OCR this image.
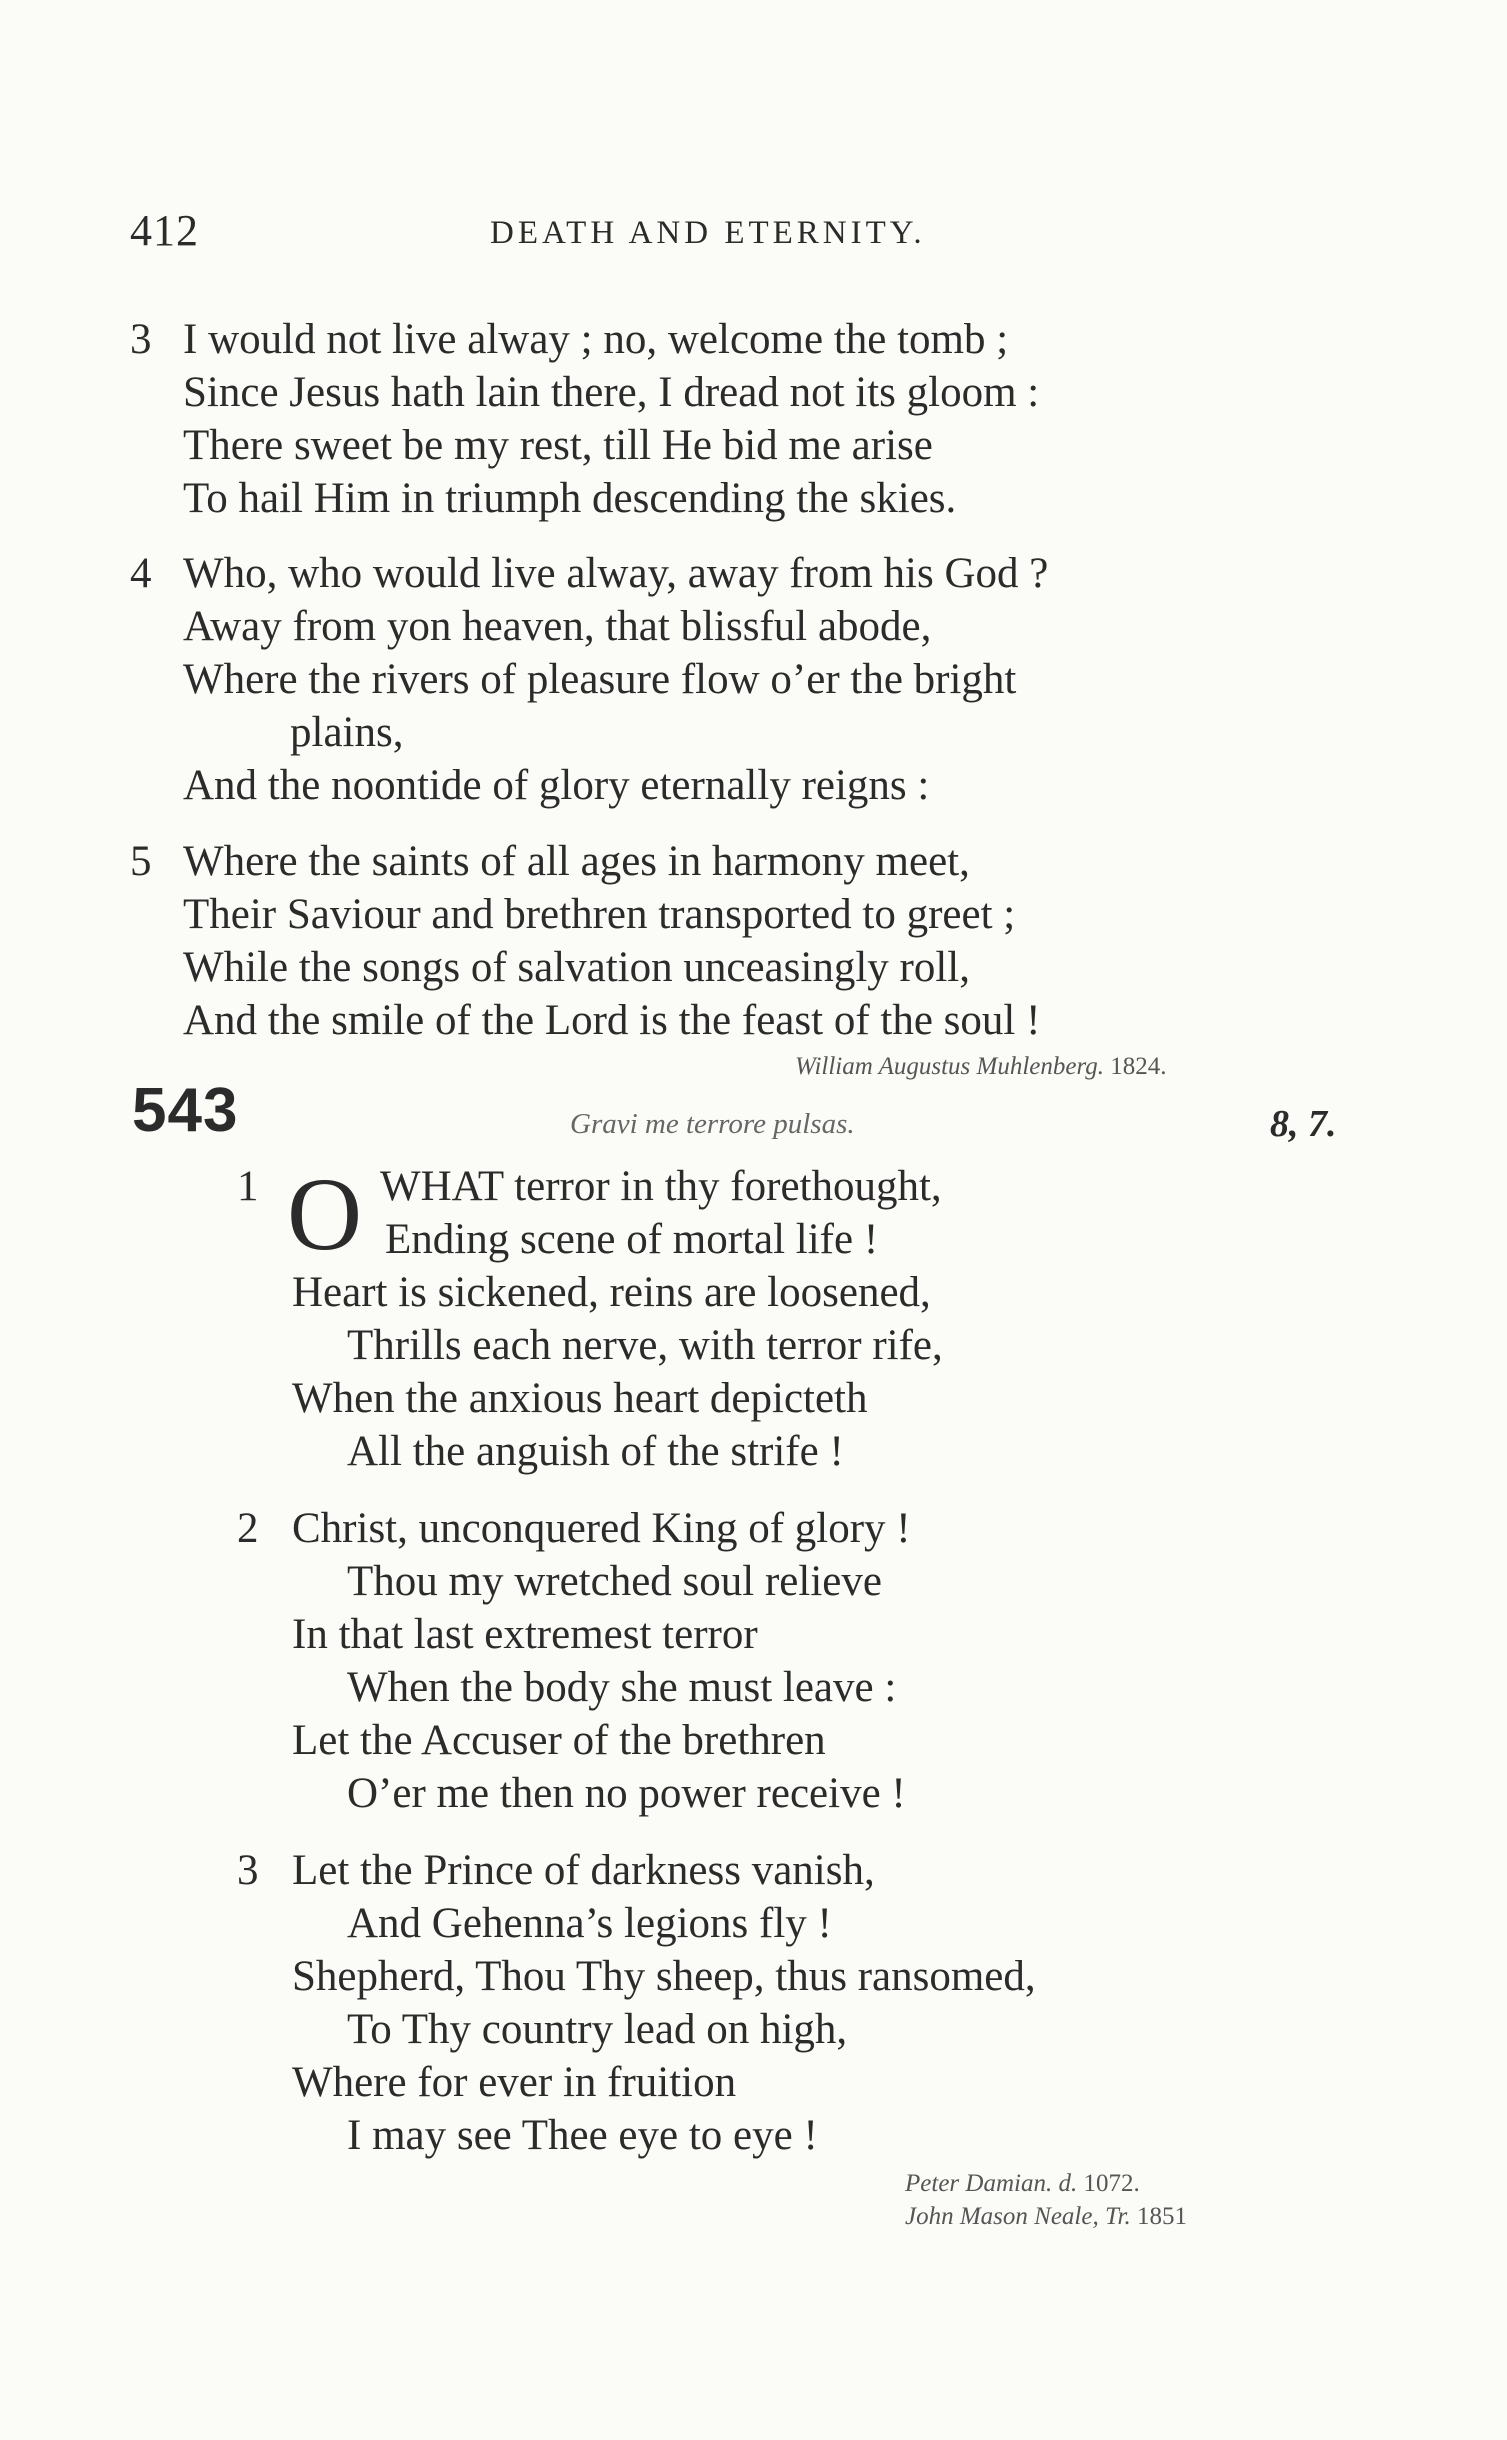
412	DEATH AND ETERNITY.
3 I would not live alway ; no, welcome the tomb ;
Since Jesus hath lain there, I dread not its gloom :
There sweet be my rest, till He bid me arise
To hail Him in triumph descending the skies.
4 Who, who would live alway, away from his God ?
Away from yon heaven, that blissful abode,
Where the rivers of pleasure flow o’er the bright
plains,
And the noontide of glory eternally reigns :
5 Where the saints of all ages in harmony meet,
Their Saviour and brethren transported to greet ;
While the songs of salvation unceasingly roll,
And the smile of the Lord is the feast of the soul !
William Augustus Muhlenberg. 1824.
543	Gravi me terrore pulsas.	8, 7.
1 O WHAT terror in thy forethought,
Ending scene of mortal life !
Heart is sickened, reins are loosened,
Thrills each nerve, with terror rife,
When the anxious heart depicteth
All the anguish of the strife !
2 Christ, unconquered King of glory !
Thou my wretched soul relieve
In that last extremest terror
When the body she must leave :
Let the Accuser of the brethren
O’er me then no power receive !
3 Let the Prince of darkness vanish,
And Gehenna’s legions fly !
Shepherd, Thou Thy sheep, thus ransomed,
To Thy country lead on high,
Where for ever in fruition
I may see Thee eye to eye !
Peter Damian. d. 1072.
John Mason Neale, Tr. 1851
